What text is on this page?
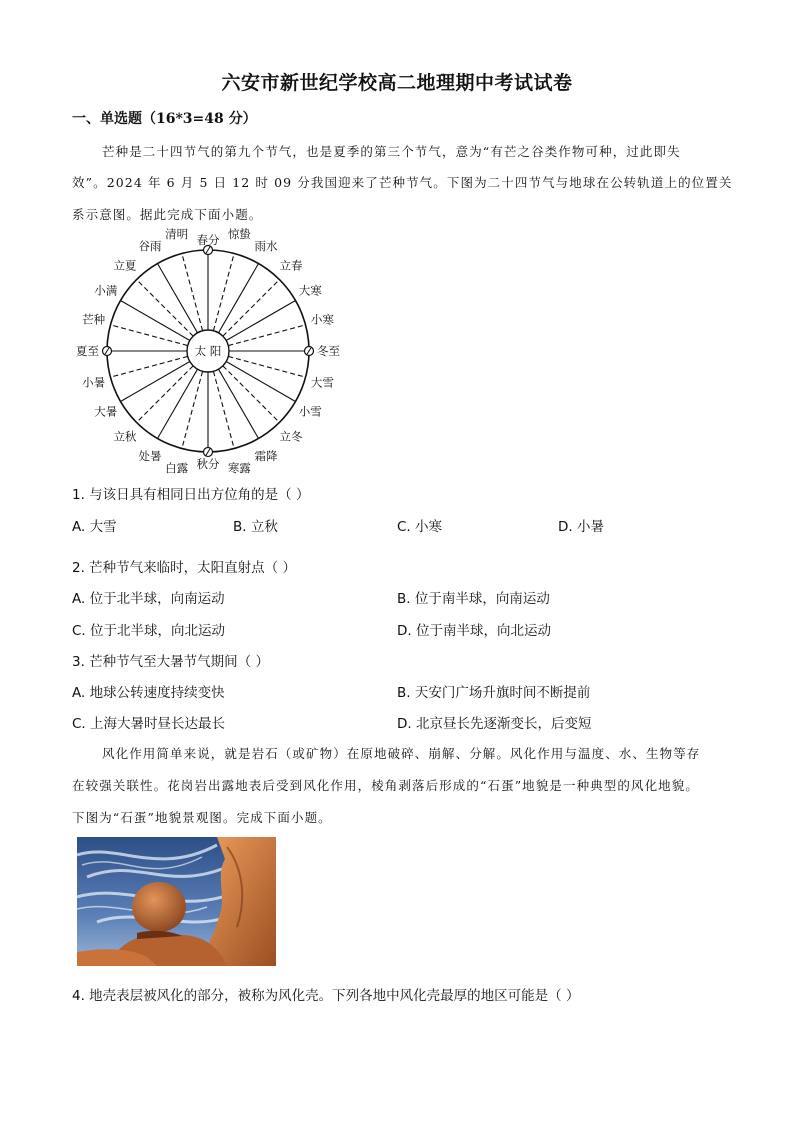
六安市新世纪学校高二地理期中考试试卷
一、单选题（16*3=48 分）
芒种是二十四节气的第九个节气，也是夏季的第三个节气，意为“有芒之谷类作物可种，过此即失
效”。2024 年 6 月 5 日 12 时 09 分我国迎来了芒种节气。下图为二十四节气与地球在公转轨道上的位置关
系示意图。据此完成下面小题。
太 阳
春分 惊蛰
雨水
立春
大寒
小寒
冬至
大雪
小雪
立冬
霜降
寒露
秋分
白露
处暑
立秋
大暑
小暑
夏至
芒种
小满
立夏
谷雨
清明
1. 与该日具有相同日出方位角的是（ ）
A. 大雪	B. 立秋	C. 小寒	D. 小暑
2. 芒种节气来临时，太阳直射点（ ）
A. 位于北半球，向南运动	B. 位于南半球，向南运动
C. 位于北半球，向北运动	D. 位于南半球，向北运动
3. 芒种节气至大暑节气期间（ ）
A. 地球公转速度持续变快	B. 天安门广场升旗时间不断提前
C. 上海大暑时昼长达最长	D. 北京昼长先逐渐变长，后变短
风化作用简单来说，就是岩石（或矿物）在原地破碎、崩解、分解。风化作用与温度、水、生物等存
在较强关联性。花岗岩出露地表后受到风化作用，棱角剥落后形成的“石蛋”地貌是一种典型的风化地貌。
下图为“石蛋”地貌景观图。完成下面小题。
4. 地壳表层被风化的部分，被称为风化壳。下列各地中风化壳最厚的地区可能是（ ）
